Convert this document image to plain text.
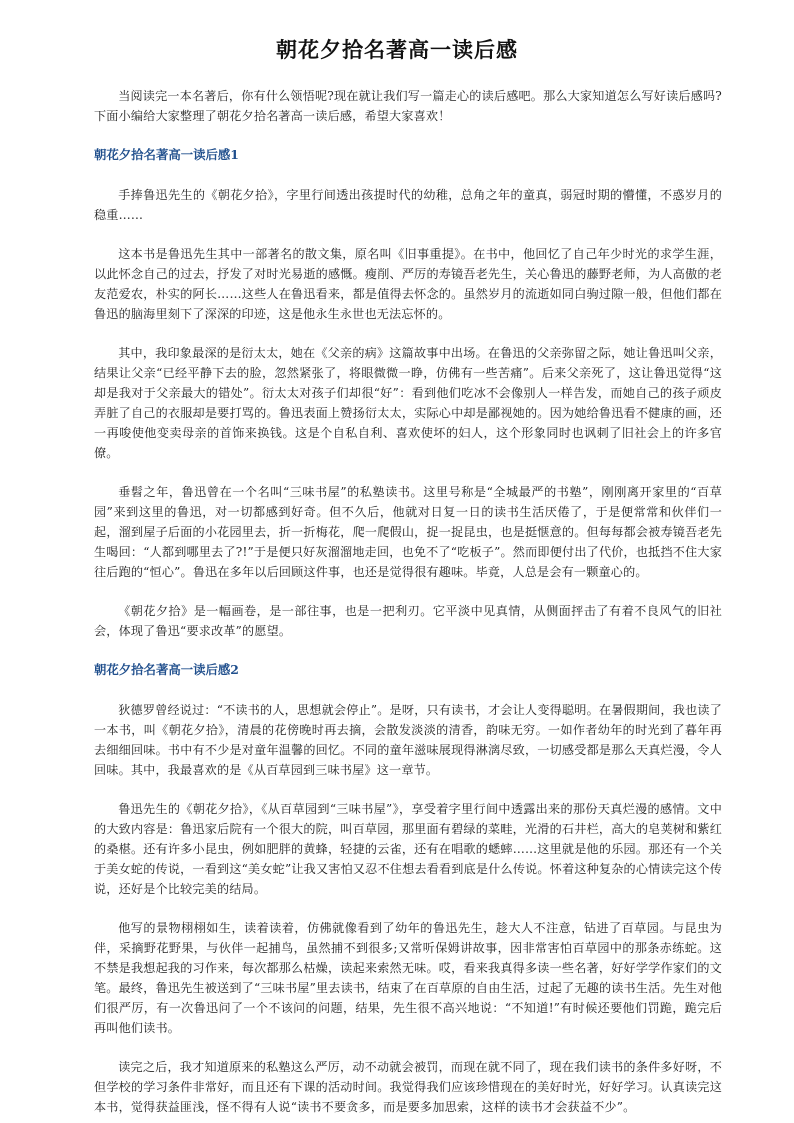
朝花夕拾名著高一读后感

当阅读完一本名著后，你有什么领悟呢?现在就让我们写一篇走心的读后感吧。那么大家知道怎么写好读后感吗?下面小编给大家整理了朝花夕拾名著高一读后感，希望大家喜欢！

朝花夕拾名著高一读后感1

手捧鲁迅先生的《朝花夕拾》，字里行间透出孩提时代的幼稚，总角之年的童真，弱冠时期的懵懂，不惑岁月的稳重……

这本书是鲁迅先生其中一部著名的散文集，原名叫《旧事重提》。在书中，他回忆了自己年少时光的求学生涯，以此怀念自己的过去，抒发了对时光易逝的感慨。瘦削、严厉的寿镜吾老先生，关心鲁迅的藤野老师，为人高傲的老友范爱农，朴实的阿长……这些人在鲁迅看来，都是值得去怀念的。虽然岁月的流逝如同白驹过隙一般，但他们都在鲁迅的脑海里刻下了深深的印迹，这是他永生永世也无法忘怀的。

其中，我印象最深的是衍太太，她在《父亲的病》这篇故事中出场。在鲁迅的父亲弥留之际，她让鲁迅叫父亲，结果让父亲“已经平静下去的脸，忽然紧张了，将眼微微一睁，仿佛有一些苦痛”。后来父亲死了，这让鲁迅觉得“这却是我对于父亲最大的错处”。衍太太对孩子们却很“好”：看到他们吃冰不会像别人一样告发，而她自己的孩子顽皮弄脏了自己的衣服却是要打骂的。鲁迅表面上赞扬衍太太，实际心中却是鄙视她的。因为她给鲁迅看不健康的画，还一再唆使他变卖母亲的首饰来换钱。这是个自私自利、喜欢使坏的妇人，这个形象同时也讽刺了旧社会上的许多官僚。

垂髫之年，鲁迅曾在一个名叫“三味书屋”的私塾读书。这里号称是“全城最严的书塾”，刚刚离开家里的“百草园”来到这里的鲁迅，对一切都感到好奇。但不久后，他就对日复一日的读书生活厌倦了，于是便常常和伙伴们一起，溜到屋子后面的小花园里去，折一折梅花，爬一爬假山，捉一捉昆虫，也是挺惬意的。但每每都会被寿镜吾老先生喝回：“人都到哪里去了?!”于是便只好灰溜溜地走回，也免不了“吃板子”。然而即便付出了代价，也抵挡不住大家往后跑的“恒心”。鲁迅在多年以后回顾这件事，也还是觉得很有趣味。毕竟，人总是会有一颗童心的。

《朝花夕拾》是一幅画卷，是一部往事，也是一把利刃。它平淡中见真情，从侧面抨击了有着不良风气的旧社会，体现了鲁迅“要求改革”的愿望。

朝花夕拾名著高一读后感2

狄德罗曾经说过：“不读书的人，思想就会停止”。是呀，只有读书，才会让人变得聪明。在暑假期间，我也读了一本书，叫《朝花夕拾》，清晨的花傍晚时再去摘，会散发淡淡的清香，韵味无穷。一如作者幼年的时光到了暮年再去细细回味。书中有不少是对童年温馨的回忆。不同的童年滋味展现得淋漓尽致，一切感受都是那么天真烂漫，令人回味。其中，我最喜欢的是《从百草园到三味书屋》这一章节。

鲁迅先生的《朝花夕拾》，《从百草园到“三味书屋”》，享受着字里行间中透露出来的那份天真烂漫的感情。文中的大致内容是：鲁迅家后院有一个很大的院，叫百草园，那里面有碧绿的菜畦，光滑的石井栏，高大的皂荚树和紫红的桑椹。还有许多小昆虫，例如肥胖的黄蜂，轻捷的云雀，还有在唱歌的蟋蟀……这里就是他的乐园。那还有一个关于美女蛇的传说，一看到这“美女蛇”让我又害怕又忍不住想去看看到底是什么传说。怀着这种复杂的心情读完这个传说，还好是个比较完美的结局。

他写的景物栩栩如生，读着读着，仿佛就像看到了幼年的鲁迅先生，趁大人不注意，钻进了百草园。与昆虫为伴，采摘野花野果，与伙伴一起捕鸟，虽然捕不到很多;又常听保姆讲故事，因非常害怕百草园中的那条赤练蛇。这不禁是我想起我的习作来，每次都那么枯燥，读起来索然无味。哎，看来我真得多读一些名著，好好学学作家们的文笔。最终，鲁迅先生被送到了“三味书屋”里去读书，结束了在百草原的自由生活，过起了无趣的读书生活。先生对他们很严厉，有一次鲁迅问了一个不该问的问题，结果，先生很不高兴地说：“不知道!”有时候还要他们罚跪，跪完后再叫他们读书。

读完之后，我才知道原来的私塾这么严厉，动不动就会被罚，而现在就不同了，现在我们读书的条件多好呀，不但学校的学习条件非常好，而且还有下课的活动时间。我觉得我们应该珍惜现在的美好时光，好好学习。认真读完这本书，觉得获益匪浅，怪不得有人说“读书不要贪多，而是要多加思索，这样的读书才会获益不少”。
